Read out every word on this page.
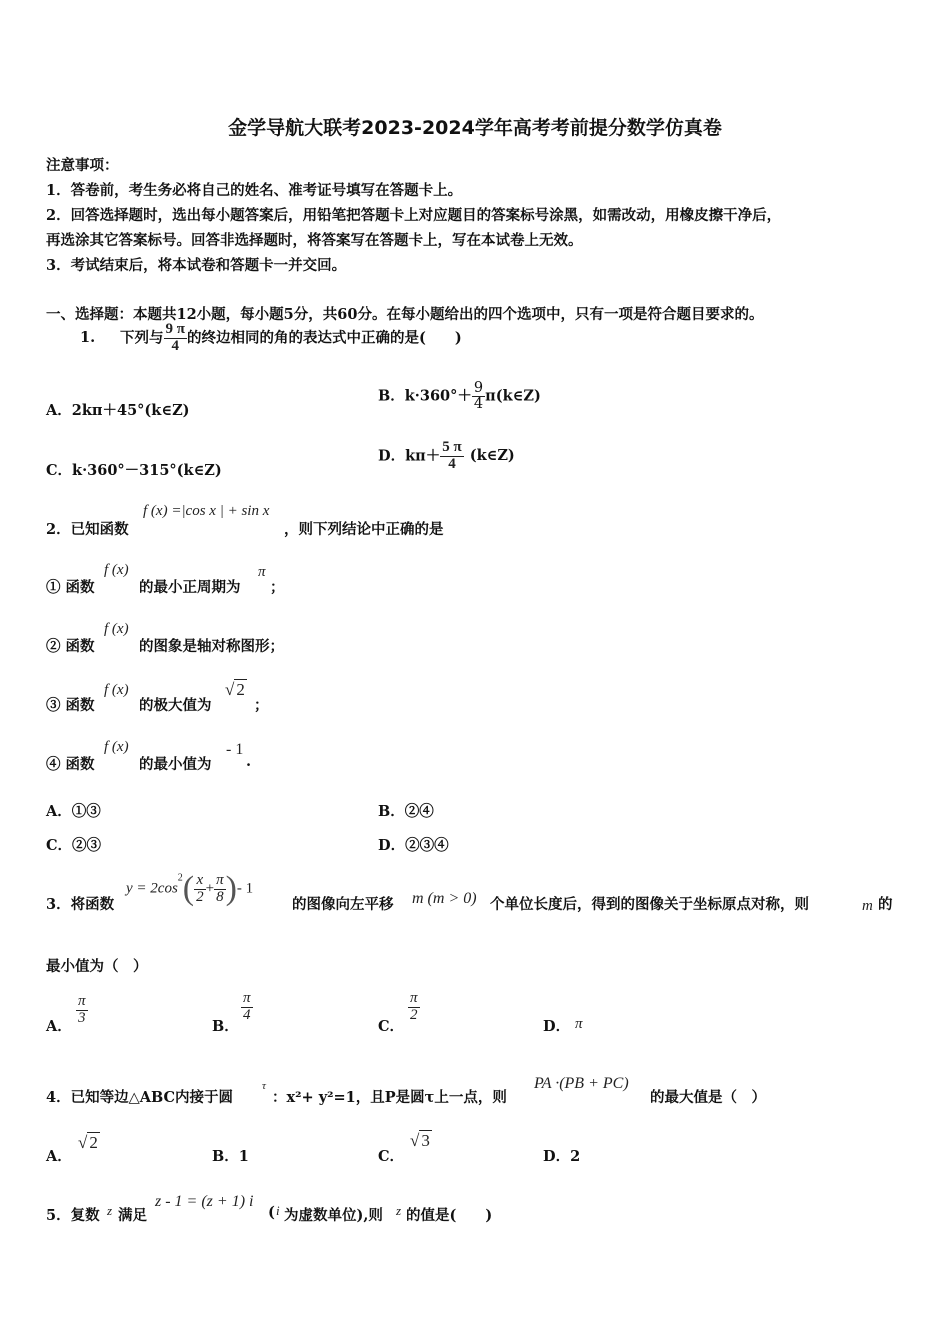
金学导航大联考2023-2024学年高考考前提分数学仿真卷
注意事项：
1．答卷前，考生务必将自己的姓名、准考证号填写在答题卡上。
2．回答选择题时，选出每小题答案后，用铅笔把答题卡上对应题目的答案标号涂黑，如需改动，用橡皮擦干净后，
再选涂其它答案标号。回答非选择题时，将答案写在答题卡上，写在本试卷上无效。
3．考试结束后，将本试卷和答题卡一并交回。
一、选择题：本题共12小题，每小题5分，共60分。在每小题给出的四个选项中，只有一项是符合题目要求的。
1. 下列与 $\frac{9 \pi}{4}$ 的终边相同的角的表达式中正确的是(　　)
A．2kπ＋45°(k∈Z)
B．$k\cdot 360^\circ+ \frac{9}{4}$ π(k∈Z)
C．k·360°－315°(k∈Z)
D．$k\pi+ \frac{5 \pi}{4}$ (k∈Z)
2．已知函数
f (x) =|cos x | + sin x
，则下列结论中正确的是
① 函数
f (x)
的最小正周期为
π
；
② 函数
f (x)
的图象是轴对称图形；
③ 函数
f (x)
的极大值为
√ 2
；
④ 函数
f (x)
的最小值为
- 1
.
A．①③	B．②④
C．②③	D．②③④
3．将函数
$y = 2\cos^2( \frac{x}{2} + \frac{\pi}{8}$ )- 1
的图像向左平移 m (m > 0) 个单位长度后，得到的图像关于坐标原点对称，则	m 的
最小值为（　）
A． $\frac{\pi}{3}$	B．
$\frac{\pi}{4}$
C．
$\frac{\pi}{2}$
D． π
4．已知等边△ABC内接于圆
τ
：x²+ y²=1，且P是圆τ上一点，则
PA ·(PB + PC)
的最大值是（　）
A．
√ 2
B．1	C．
√ 3
D．2
5．复数 z 满足
z - 1 = (z + 1) i
( i 为虚数单位),则 z 的值是(　　)
